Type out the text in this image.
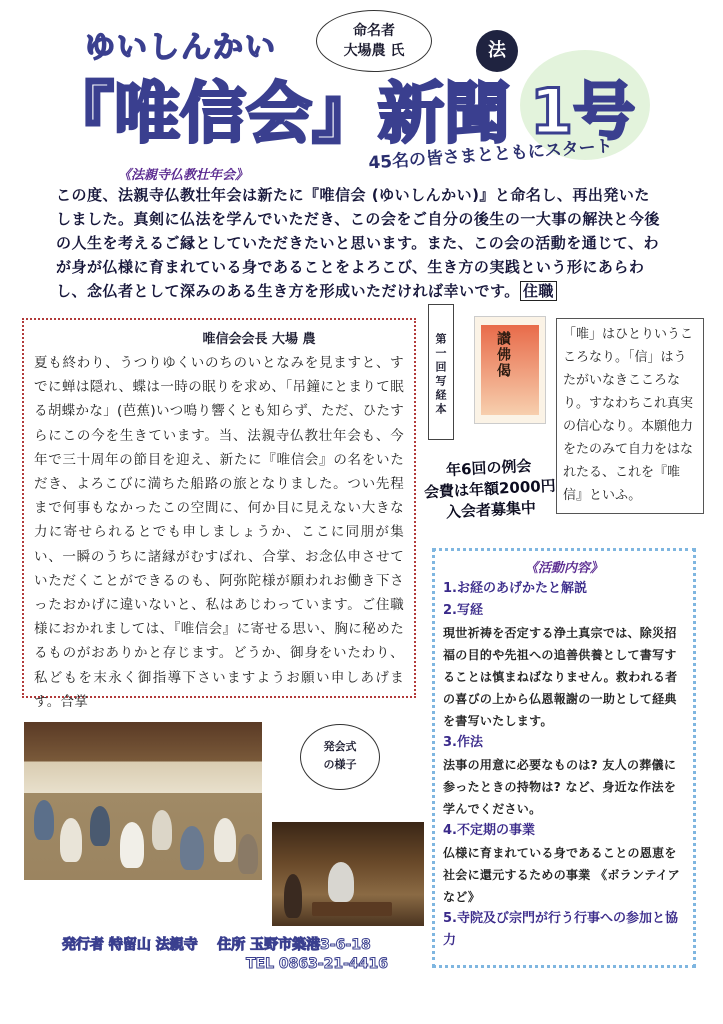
ゆいしんかい	命名者
大場農 氏	法
『唯信会』新聞 1号
45名の皆さまとともにスタート
《法親寺仏教壮年会》
この度、法親寺仏教壮年会は新たに『唯信会 (ゆいしんかい)』と命名し、再出発いたしました。真剣に仏法を学んでいただき、この会をご自分の後生の一大事の解決と今後の人生を考えるご縁としていただきたいと思います。また、この会の活動を通じて、わが身が仏様に育まれている身であることをよろこび、生き方の実践という形にあらわし、念仏者として深みのある生き方を形成いただければ幸いです。 住職
唯信会会長 大場 農
夏も終わり、うつりゆくいのちのいとなみを見ますと、すでに蝉は隠れ、蝶は一時の眠りを求め、「吊鐘にとまりて眠る胡蝶かな」(芭蕉)いつ鳴り響くとも知らず、ただ、ひたすらにこの今を生きています。当、法親寺仏教壮年会も、今年で三十周年の節目を迎え、新たに『唯信会』の名をいただき、よろこびに満ちた船路の旅となりました。つい先程まで何事もなかったこの空間に、何か目に見えない大きな力に寄せられるとでも申しましょうか、ここに同朋が集い、一瞬のうちに諸縁がむすばれ、合掌、お念仏申させていただくことができるのも、阿弥陀様が願われお働き下さったおかげに違いないと、私はあじわっています。ご住職様におかれましては、『唯信会』に寄せる思い、胸に秘めたるものがおありかと存じます。どうか、御身をいたわり、私どもを末永く御指導下さいますようお願い申しあげます。合掌
第一回写経本	讃佛偈	「唯」はひとりいうこころなり。「信」はうたがいなきこころなり。すなわちこれ真実の信心なり。本願他力をたのみて自力をはなれたる、これを『唯信』といふ。
年6回の例会
会費は年額2000円
入会者募集中
《活動内容》
1.お経のあげかたと解説
2.写経

現世祈祷を否定する浄土真宗では、除災招福の目的や先祖への追善供養として書写することは慎まねばなりません。救われる者の喜びの上から仏恩報謝の一助として経典を書写いたします。

3.作法

法事の用意に必要なものは? 友人の葬儀に参ったときの持物は? など、身近な作法を学んでください。

4.不定期の事業

仏様に育まれている身であることの恩恵を社会に還元するための事業 《ボランテイアなど》

5.寺院及び宗門が行う行事への参加と協力
発会式
の様子
発行者 特留山 法親寺 住所 玉野市築港3-6-18
TEL 0863-21-4416
